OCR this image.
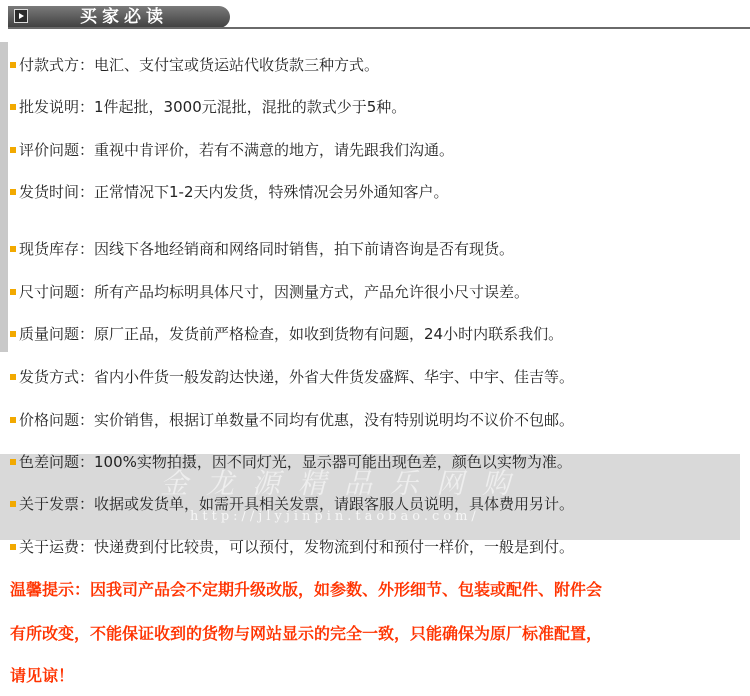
买家必读
付款式方：电汇、支付宝或货运站代收货款三种方式。
批发说明：1件起批，3000元混批，混批的款式少于5种。
评价问题：重视中肯评价，若有不满意的地方，请先跟我们沟通。
发货时间：正常情况下1-2天内发货，特殊情况会另外通知客户。
现货库存：因线下各地经销商和网络同时销售，拍下前请咨询是否有现货。
尺寸问题：所有产品均标明具体尺寸，因测量方式，产品允许很小尺寸误差。
质量问题：原厂正品，发货前严格检查，如收到货物有问题，24小时内联系我们。
发货方式：省内小件货一般发韵达快递，外省大件货发盛辉、华宇、中宇、佳吉等。
价格问题：实价销售，根据订单数量不同均有优惠，没有特别说明均不议价不包邮。
色差问题：100%实物拍摄，因不同灯光，显示器可能出现色差，颜色以实物为准。
关于发票：收据或发货单，如需开具相关发票，请跟客服人员说明，具体费用另计。
关于运费：快递费到付比较贵，可以预付，发物流到付和预付一样价，一般是到付。
金龙源精品乐网购
http://jlyjinpin.taobao.com/
温馨提示：因我司产品会不定期升级改版，如参数、外形细节、包装或配件、附件会
有所改变，不能保证收到的货物与网站显示的完全一致，只能确保为原厂标准配置，
请见谅！
